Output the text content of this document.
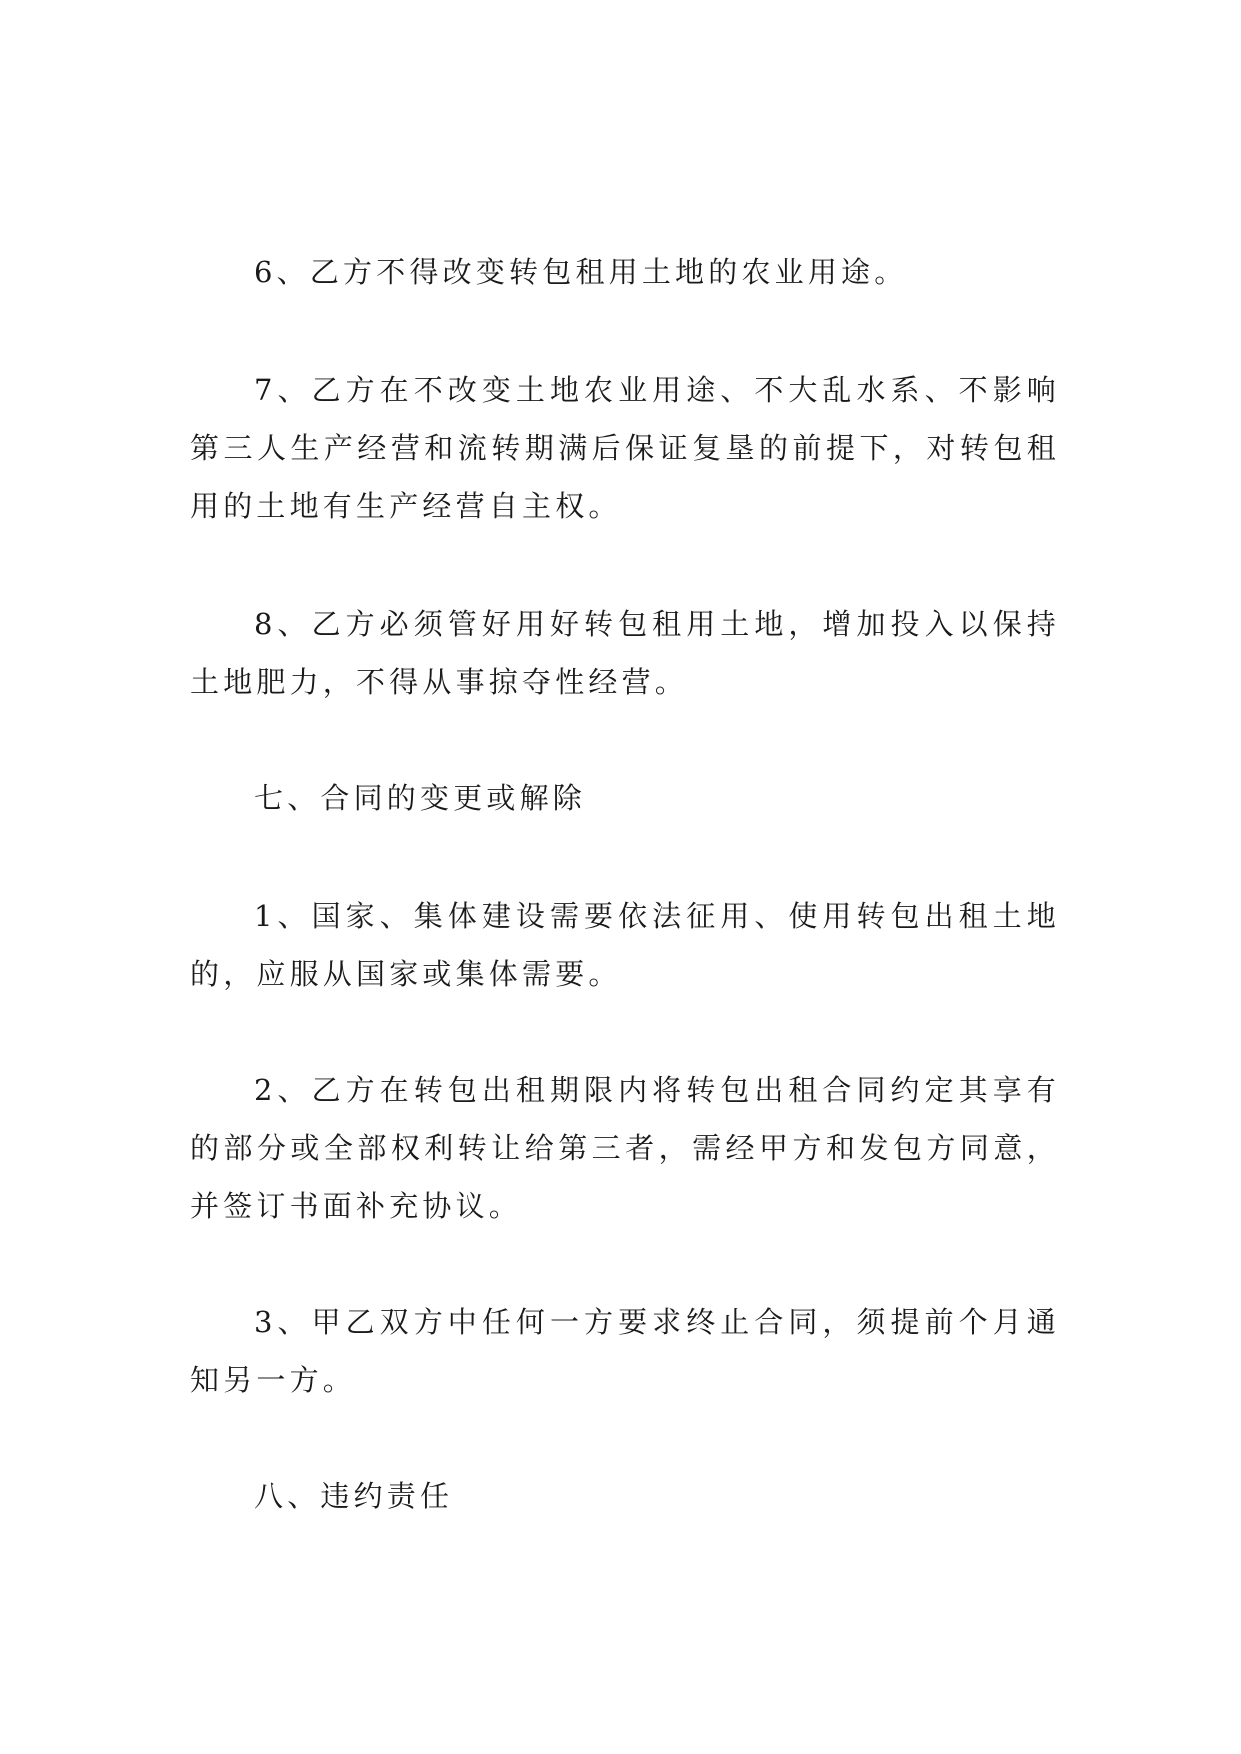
6、乙方不得改变转包租用土地的农业用途。

7、乙方在不改变土地农业用途、不大乱水系、不影响第三人生产经营和流转期满后保证复垦的前提下，对转包租用的土地有生产经营自主权。

8、乙方必须管好用好转包租用土地，增加投入以保持土地肥力，不得从事掠夺性经营。

七、合同的变更或解除

1、国家、集体建设需要依法征用、使用转包出租土地的，应服从国家或集体需要。

2、乙方在转包出租期限内将转包出租合同约定其享有的部分或全部权利转让给第三者，需经甲方和发包方同意，并签订书面补充协议。

3、甲乙双方中任何一方要求终止合同，须提前个月通知另一方。

八、违约责任
